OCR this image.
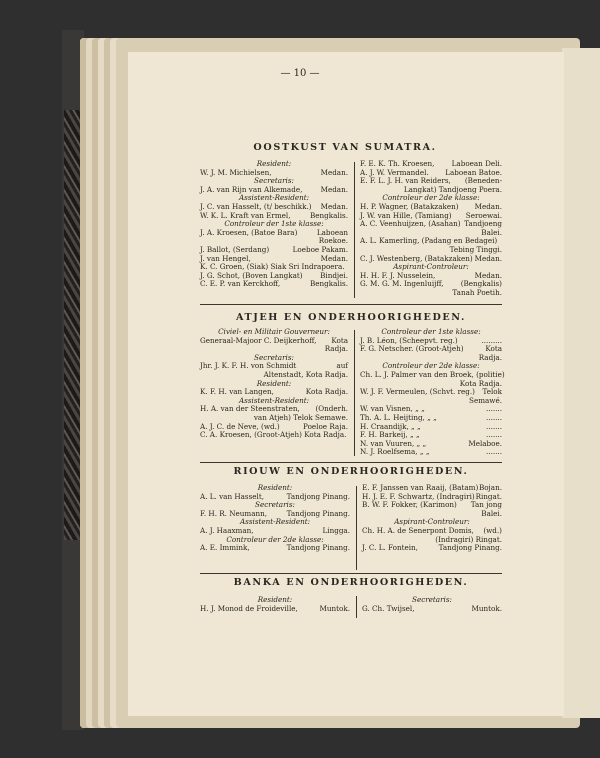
— 10 —
OOSTKUST VAN SUMATRA.
Resident:
W. J. M. Michielsen,	Medan.
Secretaris:
J. A. van Rijn van Alkemade,	Medan.
Assistent-Resident:
J. C. van Hasselt, (t/ beschikk.) Medan.
W. K. L. Kraft van Ermel,	Bengkalis.
Controleur der 1ste klasse:
J. A. Kroesen, (Batoe Bara)	Laboean
Roekoe.
J. Ballot, (Serdang)	Loeboe Pakam.
J. van Hengel,	Medan.
K. C. Groen, (Siak) Siak Sri Indrapoera.
J. G. Schot, (Boven Langkat) Bindjei.
C. E. P. van Kerckhoff,	Bengkalis.
F. E. K. Th. Kroesen, Laboean Deli.
A. J. W. Vermandel. Laboean Batoe.
E. F. L. J. H. van Reiders, (Beneden-
Langkat) Tandjoeng Poera.
Controleur der 2de klasse:
H. P. Wagner, (Batakzaken) Medan.
J. W. van Hille, (Tamiang) Seroewai.
A. C. Veenhuijzen, (Asahan) Tandjoeng
Balei.
A. L. Kamerling, (Padang en Bedagei)
Tebing Tinggi.
C. J. Westenberg, (Batakzaken) Medan.
Aspirant-Controleur:
H. H. F. J. Nusselein,	Medan.
G. M. G. M. Ingenluijff, (Bengkalis)
Tanah Poetih.
ATJEH EN ONDERHOORIGHEDEN.
Civiel- en Militair Gouverneur:
Generaal-Majoor C. Deijkerhoff, Kota
Radja.
Secretaris:
Jhr. J. K. F. H. von Schmidt	auf
Altenstadt, Kota Radja.
Resident:
K. F. H. van Langen,	Kota Radja.
Assistent-Resident:
H. A. van der Steenstraten, (Onderh.
van Atjeh) Telok Semawe.
A. J. C. de Neve, (wd.)	Poeloe Raja.
C. A. Kroesen, (Groot-Atjeh) Kota Radja.
Controleur der 1ste klasse:
J. B. Léon, (Scheepvt. reg.)	.........
F. G. Netscher. (Groot-Atjeh)	Kota
Radja.
Controleur der 2de klasse:
Ch. L. J. Palmer van den Broek, (politie)
Kota Radja.
W. J. F. Vermeulen, (Schvt. reg.) Telok
Semawé.
W. van Visnen, „ „	.......
Th. A. L. Heijting, „ „	.......
H. Craandijk, „ „	.......
F. H. Barkeij, „ „	.......
N. van Vuuren, „ „	Melaboe.
N. J. Roelfsema, „ „	.......
RIOUW EN ONDERHOORIGHEDEN.
Resident:
A. L. van Hasselt,	Tandjong Pinang.
Secretaris:
F. H. R. Neumann,	Tandjong Pinang.
Assistent-Resident:
A. J. Haaxman,	Lingga.
Controleur der 2de klasse:
A. E. Immink,	Tandjong Pinang.
E. F. Janssen van Raaij, (Batam) Bojan.
H. J. E. F. Schwartz, (Indragiri) Ringat.
B. W. F. Fokker, (Karimon) Tan jong
Balei.
Aspirant-Controleur:
Ch. H. A. de Senerpont Domis, (wd.)
(Indragiri) Ringat.
J. C. L. Fontein,	Tandjong Pinang.
BANKA EN ONDERHOORIGHEDEN.
Resident:
H. J. Monod de Froideville,	Muntok.
Secretaris:
G. Ch. Twijsel,	Muntok.
